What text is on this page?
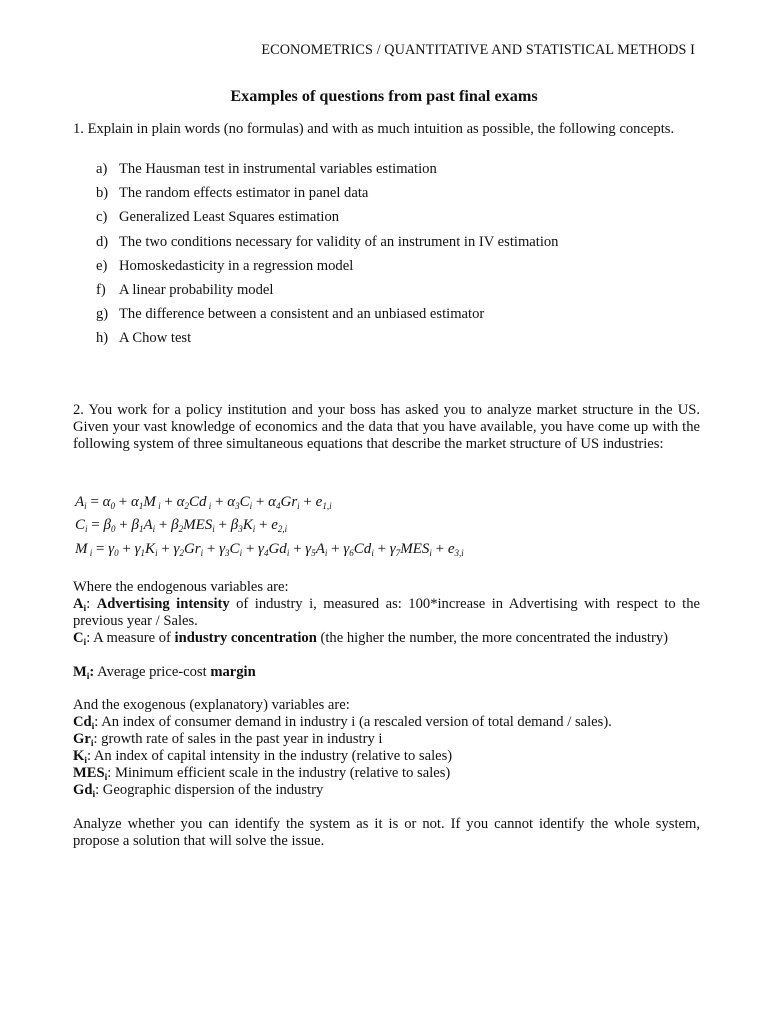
ECONOMETRICS / QUANTITATIVE AND STATISTICAL METHODS I
Examples of questions from past final exams
1. Explain in plain words (no formulas) and with as much intuition as possible, the following concepts.
a) The Hausman test in instrumental variables estimation
b) The random effects estimator in panel data
c) Generalized Least Squares estimation
d) The two conditions necessary for validity of an instrument in IV estimation
e) Homoskedasticity in a regression model
f) A linear probability model
g) The difference between a consistent and an unbiased estimator
h) A Chow test
2. You work for a policy institution and your boss has asked you to analyze market structure in the US. Given your vast knowledge of economics and the data that you have available, you have come up with the following system of three simultaneous equations that describe the market structure of US industries:
$A_i = \alpha_0 + \alpha_1M$ $_i + \alpha_2Cd$ $_i + \alpha_3C_i + \alpha_4Gr_i + e_{1,i}$
$C_i = \beta_0 + \beta_1A_i + \beta_2MES_i + \beta_3K_i + e_{2,i}$
M $_i = \gamma_0 + \gamma_1K_i + \gamma_2Gr_i + \gamma_3C_i + \gamma_4Gd_i + \gamma_5A_i + \gamma_6Cd_i + \gamma_7MES_i + e_{3,i}$
Where the endogenous variables are:
$A_i$: Advertising intensity of industry i, measured as: 100*increase in Advertising with respect to the previous year / Sales.
$C_i$: A measure of industry concentration (the higher the number, the more concentrated the industry)
$M_i$: Average price-cost margin
And the exogenous (explanatory) variables are:
$Cd_i$: An index of consumer demand in industry i (a rescaled version of total demand / sales).
$Gr_i$: growth rate of sales in the past year in industry i
$K_i$: An index of capital intensity in the industry (relative to sales)
$MES_i$: Minimum efficient scale in the industry (relative to sales)
$Gd_i$: Geographic dispersion of the industry
Analyze whether you can identify the system as it is or not. If you cannot identify the whole system, propose a solution that will solve the issue.
